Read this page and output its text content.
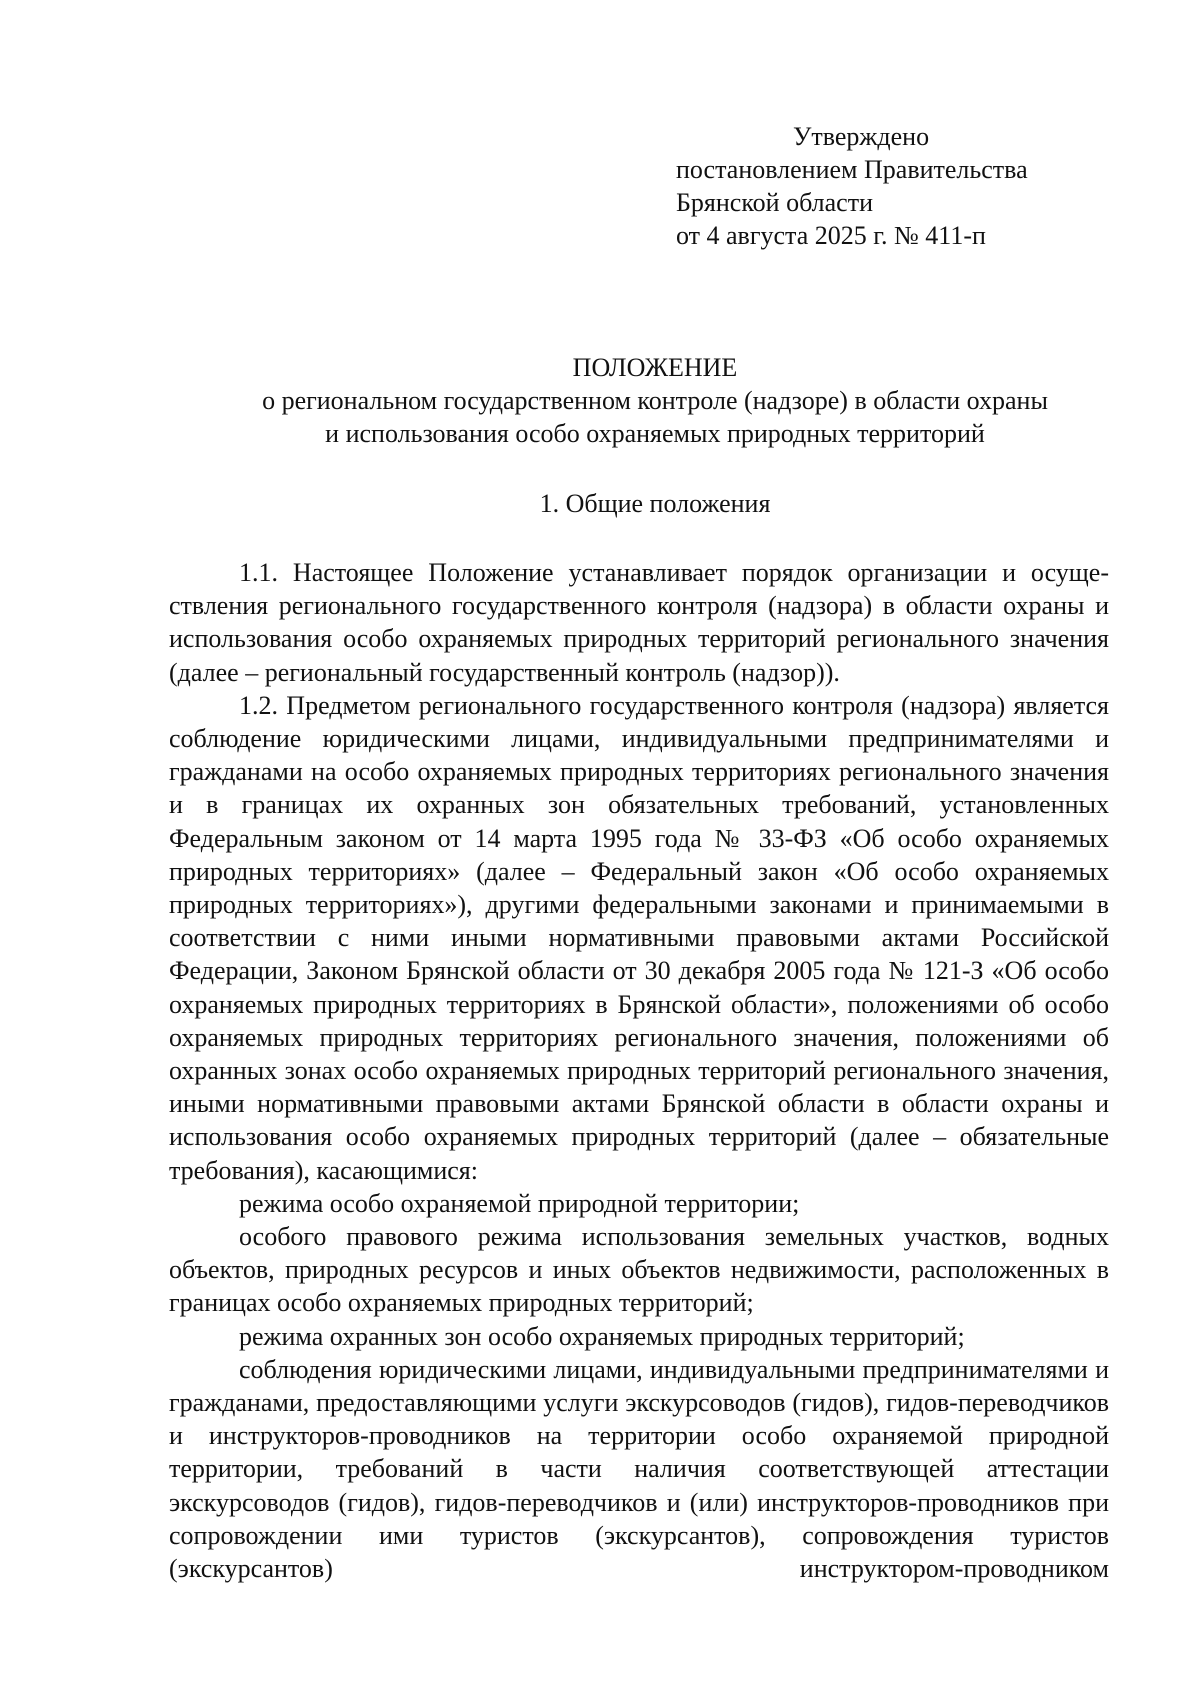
Утверждено
постановлением Правительства
Брянской области
от 4 августа 2025 г. № 411-п
ПОЛОЖЕНИЕ
о региональном государственном контроле (надзоре) в области охраны
и использования особо охраняемых природных территорий
1. Общие положения

1.1. Настоящее Положение устанавливает порядок организации и осуществления регионального государственного контроля (надзора) в области охраны и использования особо охраняемых природных территорий регионального значения (далее – региональный государственный контроль (надзор)).

1.2. Предметом регионального государственного контроля (надзора) является соблюдение юридическими лицами, индивидуальными предпринимателями и гражданами на особо охраняемых природных территориях регионального значения и в границах их охранных зон обязательных требований, установленных Федеральным законом от 14 марта 1995 года № 33-ФЗ «Об особо охраняемых природных территориях» (далее – Федеральный закон «Об особо охраняемых природных территориях»), другими федеральными законами и принимаемыми в соответствии с ними иными нормативными правовыми актами Российской Федерации, Законом Брянской области от 30 декабря 2005 года № 121-З «Об особо охраняемых природных территориях в Брянской области», положениями об особо охраняемых природных территориях регионального значения, положениями об охранных зонах особо охраняемых природных территорий регионального значения, иными нормативными правовыми актами Брянской области в области охраны и использования особо охраняемых природных территорий (далее – обязательные требования), касающимися:

режима особо охраняемой природной территории;

особого правового режима использования земельных участков, водных объектов, природных ресурсов и иных объектов недвижимости, расположенных в границах особо охраняемых природных территорий;

режима охранных зон особо охраняемых природных территорий;

соблюдения юридическими лицами, индивидуальными предпринимателями и гражданами, предоставляющими услуги экскурсоводов (гидов), гидов-переводчиков и инструкторов-проводников на территории особо охраняемой природной территории, требований в части наличия соответствующей аттестации экскурсоводов (гидов), гидов-переводчиков и (или) инструкторов-проводников при сопровождении ими туристов (экскурсантов), сопровождения туристов (экскурсантов) инструктором-проводником
